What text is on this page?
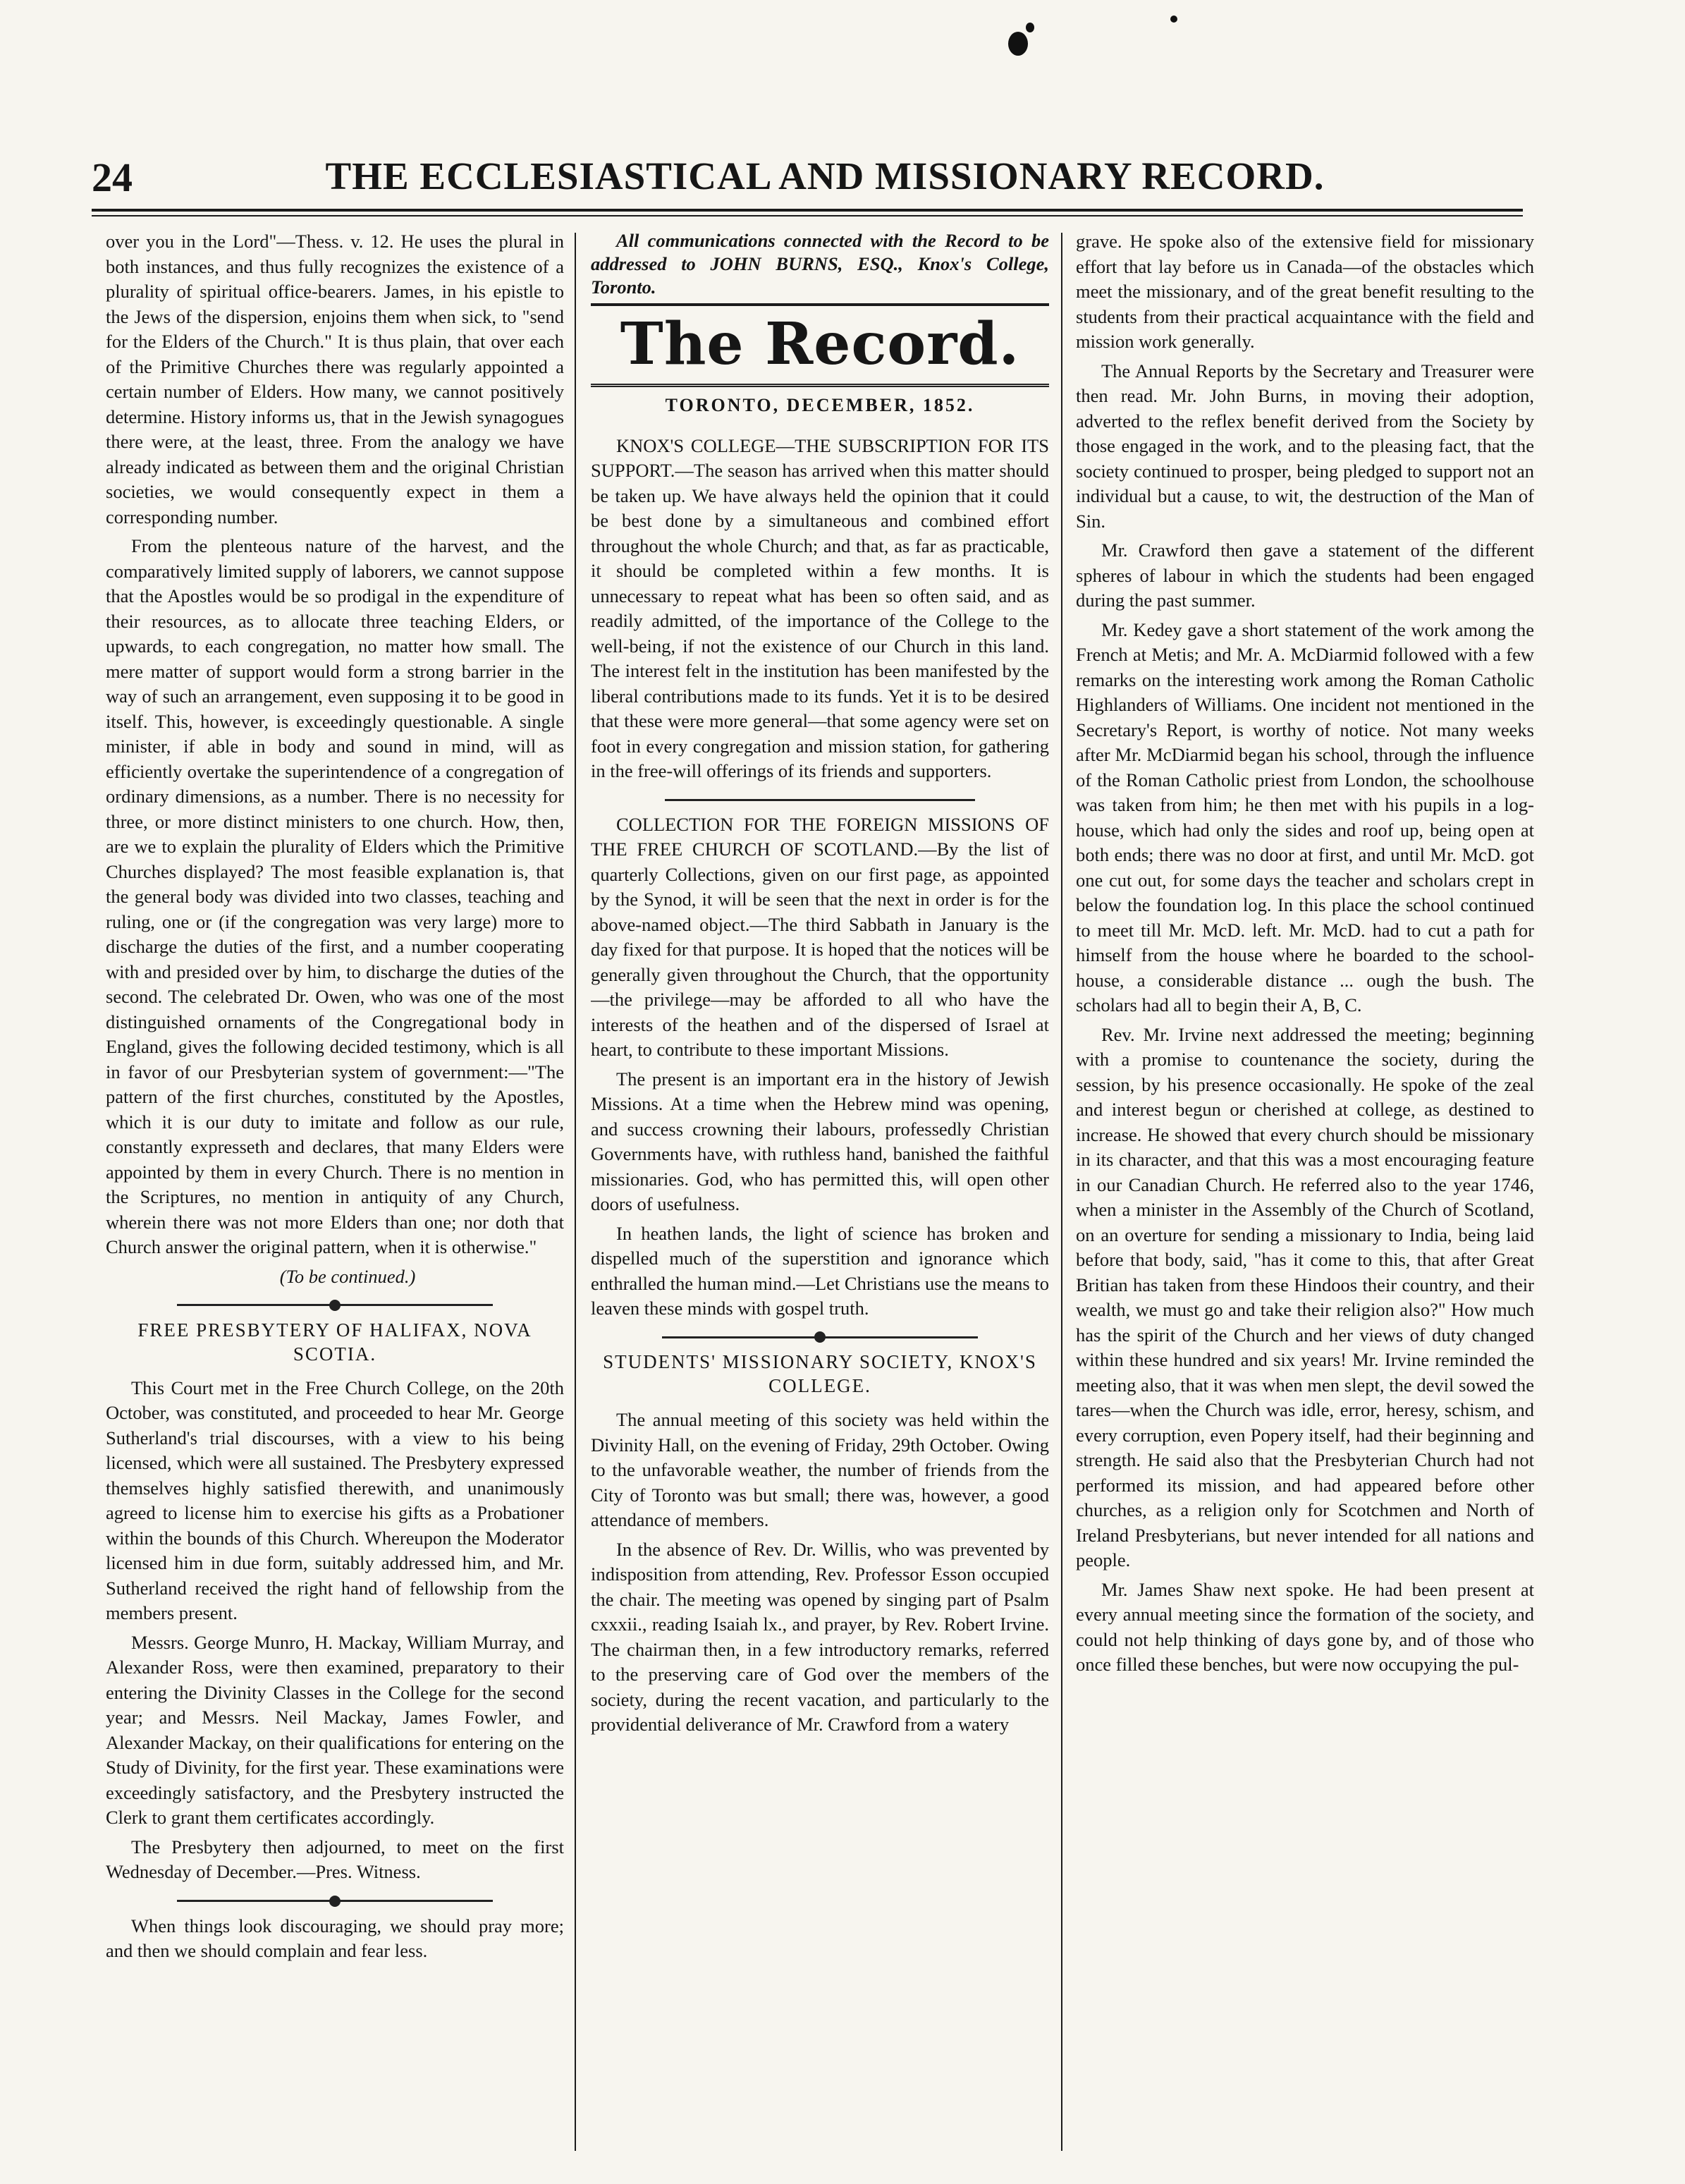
24	THE ECCLESIASTICAL AND MISSIONARY RECORD.

over you in the Lord"—Thess. v. 12. He uses the plural in both instances, and thus fully recognizes the existence of a plurality of spiritual office-bearers. James, in his epistle to the Jews of the dispersion, enjoins them when sick, to "send for the Elders of the Church." It is thus plain, that over each of the Primitive Churches there was regularly appointed a certain number of Elders. How many, we cannot positively determine. History informs us, that in the Jewish synagogues there were, at the least, three. From the analogy we have already indicated as between them and the original Christian societies, we would consequently expect in them a corresponding number.

From the plenteous nature of the harvest, and the comparatively limited supply of laborers, we cannot suppose that the Apostles would be so prodigal in the expenditure of their resources, as to allocate three teaching Elders, or upwards, to each congregation, no matter how small. The mere matter of support would form a strong barrier in the way of such an arrangement, even supposing it to be good in itself. This, however, is exceedingly questionable. A single minister, if able in body and sound in mind, will as efficiently overtake the superintendence of a congregation of ordinary dimensions, as a number. There is no necessity for three, or more distinct ministers to one church. How, then, are we to explain the plurality of Elders which the Primitive Churches displayed? The most feasible explanation is, that the general body was divided into two classes, teaching and ruling, one or (if the congregation was very large) more to discharge the duties of the first, and a number cooperating with and presided over by him, to discharge the duties of the second. The celebrated Dr. Owen, who was one of the most distinguished ornaments of the Congregational body in England, gives the following decided testimony, which is all in favor of our Presbyterian system of government:—"The pattern of the first churches, constituted by the Apostles, which it is our duty to imitate and follow as our rule, constantly expresseth and declares, that many Elders were appointed by them in every Church. There is no mention in the Scriptures, no mention in antiquity of any Church, wherein there was not more Elders than one; nor doth that Church answer the original pattern, when it is otherwise."

(To be continued.)

FREE PRESBYTERY OF HALIFAX, NOVA SCOTIA.

This Court met in the Free Church College, on the 20th October, was constituted, and proceeded to hear Mr. George Sutherland's trial discourses, with a view to his being licensed, which were all sustained. The Presbytery expressed themselves highly satisfied therewith, and unanimously agreed to license him to exercise his gifts as a Probationer within the bounds of this Church. Whereupon the Moderator licensed him in due form, suitably addressed him, and Mr. Sutherland received the right hand of fellowship from the members present.

Messrs. George Munro, H. Mackay, William Murray, and Alexander Ross, were then examined, preparatory to their entering the Divinity Classes in the College for the second year; and Messrs. Neil Mackay, James Fowler, and Alexander Mackay, on their qualifications for entering on the Study of Divinity, for the first year. These examinations were exceedingly satisfactory, and the Presbytery instructed the Clerk to grant them certificates accordingly.

The Presbytery then adjourned, to meet on the first Wednesday of December.—Pres. Witness.

When things look discouraging, we should pray more; and then we should complain and fear less.

All communications connected with the Record to be addressed to JOHN BURNS, ESQ., Knox's College, Toronto.

The Record.
TORONTO, DECEMBER, 1852.

KNOX'S COLLEGE—THE SUBSCRIPTION FOR ITS SUPPORT.—The season has arrived when this matter should be taken up. We have always held the opinion that it could be best done by a simultaneous and combined effort throughout the whole Church; and that, as far as practicable, it should be completed within a few months. It is unnecessary to repeat what has been so often said, and as readily admitted, of the importance of the College to the well-being, if not the existence of our Church in this land. The interest felt in the institution has been manifested by the liberal contributions made to its funds. Yet it is to be desired that these were more general—that some agency were set on foot in every congregation and mission station, for gathering in the free-will offerings of its friends and supporters.

COLLECTION FOR THE FOREIGN MISSIONS OF THE FREE CHURCH OF SCOTLAND.—By the list of quarterly Collections, given on our first page, as appointed by the Synod, it will be seen that the next in order is for the above-named object.—The third Sabbath in January is the day fixed for that purpose. It is hoped that the notices will be generally given throughout the Church, that the opportunity—the privilege—may be afforded to all who have the interests of the heathen and of the dispersed of Israel at heart, to contribute to these important Missions.

The present is an important era in the history of Jewish Missions. At a time when the Hebrew mind was opening, and success crowning their labours, professedly Christian Governments have, with ruthless hand, banished the faithful missionaries. God, who has permitted this, will open other doors of usefulness.

In heathen lands, the light of science has broken and dispelled much of the superstition and ignorance which enthralled the human mind.—Let Christians use the means to leaven these minds with gospel truth.

STUDENTS' MISSIONARY SOCIETY, KNOX'S COLLEGE.

The annual meeting of this society was held within the Divinity Hall, on the evening of Friday, 29th October. Owing to the unfavorable weather, the number of friends from the City of Toronto was but small; there was, however, a good attendance of members.

In the absence of Rev. Dr. Willis, who was prevented by indisposition from attending, Rev. Professor Esson occupied the chair. The meeting was opened by singing part of Psalm cxxxii., reading Isaiah lx., and prayer, by Rev. Robert Irvine. The chairman then, in a few introductory remarks, referred to the preserving care of God over the members of the society, during the recent vacation, and particularly to the providential deliverance of Mr. Crawford from a watery

grave. He spoke also of the extensive field for missionary effort that lay before us in Canada—of the obstacles which meet the missionary, and of the great benefit resulting to the students from their practical acquaintance with the field and mission work generally.

The Annual Reports by the Secretary and Treasurer were then read. Mr. John Burns, in moving their adoption, adverted to the reflex benefit derived from the Society by those engaged in the work, and to the pleasing fact, that the society continued to prosper, being pledged to support not an individual but a cause, to wit, the destruction of the Man of Sin.

Mr. Crawford then gave a statement of the different spheres of labour in which the students had been engaged during the past summer.

Mr. Kedey gave a short statement of the work among the French at Metis; and Mr. A. McDiarmid followed with a few remarks on the interesting work among the Roman Catholic Highlanders of Williams. One incident not mentioned in the Secretary's Report, is worthy of notice. Not many weeks after Mr. McDiarmid began his school, through the influence of the Roman Catholic priest from London, the schoolhouse was taken from him; he then met with his pupils in a log-house, which had only the sides and roof up, being open at both ends; there was no door at first, and until Mr. McD. got one cut out, for some days the teacher and scholars crept in below the foundation log. In this place the school continued to meet till Mr. McD. left. Mr. McD. had to cut a path for himself from the house where he boarded to the school-house, a considerable distance ... ough the bush. The scholars had all to begin their A, B, C.

Rev. Mr. Irvine next addressed the meeting; beginning with a promise to countenance the society, during the session, by his presence occasionally. He spoke of the zeal and interest begun or cherished at college, as destined to increase. He showed that every church should be missionary in its character, and that this was a most encouraging feature in our Canadian Church. He referred also to the year 1746, when a minister in the Assembly of the Church of Scotland, on an overture for sending a missionary to India, being laid before that body, said, "has it come to this, that after Great Britian has taken from these Hindoos their country, and their wealth, we must go and take their religion also?" How much has the spirit of the Church and her views of duty changed within these hundred and six years! Mr. Irvine reminded the meeting also, that it was when men slept, the devil sowed the tares—when the Church was idle, error, heresy, schism, and every corruption, even Popery itself, had their beginning and strength. He said also that the Presbyterian Church had not performed its mission, and had appeared before other churches, as a religion only for Scotchmen and North of Ireland Presbyterians, but never intended for all nations and people.

Mr. James Shaw next spoke. He had been present at every annual meeting since the formation of the society, and could not help thinking of days gone by, and of those who once filled these benches, but were now occupying the pul-
